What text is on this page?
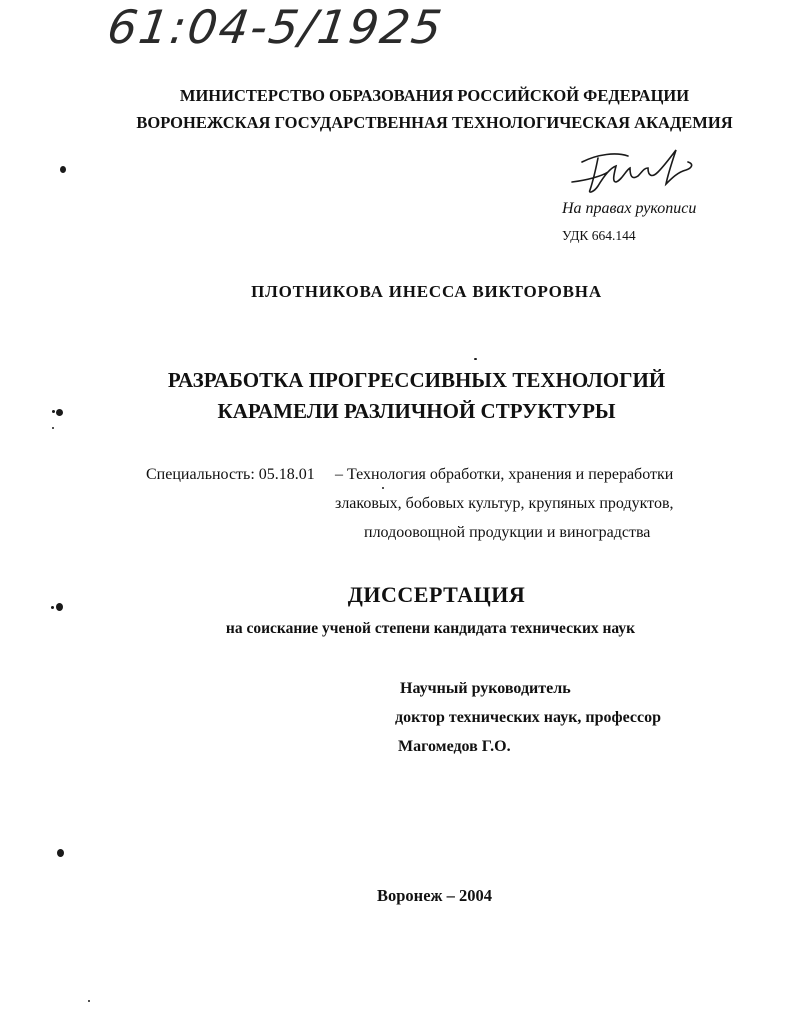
61:04-5/1925
МИНИСТЕРСТВО ОБРАЗОВАНИЯ РОССИЙСКОЙ ФЕДЕРАЦИИ
ВОРОНЕЖСКАЯ ГОСУДАРСТВЕННАЯ ТЕХНОЛОГИЧЕСКАЯ АКАДЕМИЯ
На правах рукописи
УДК 664.144
ПЛОТНИКОВА ИНЕССА ВИКТОРОВНА
РАЗРАБОТКА ПРОГРЕССИВНЫХ ТЕХНОЛОГИЙ
КАРАМЕЛИ РАЗЛИЧНОЙ СТРУКТУРЫ
Специальность: 05.18.01 – Технология обработки, хранения и переработки
злаковых, бобовых культур, крупяных продуктов,
плодоовощной продукции и виноградства
ДИССЕРТАЦИЯ
на соискание ученой степени кандидата технических наук
Научный руководитель
доктор технических наук, профессор
Магомедов Г.О.
Воронеж – 2004
